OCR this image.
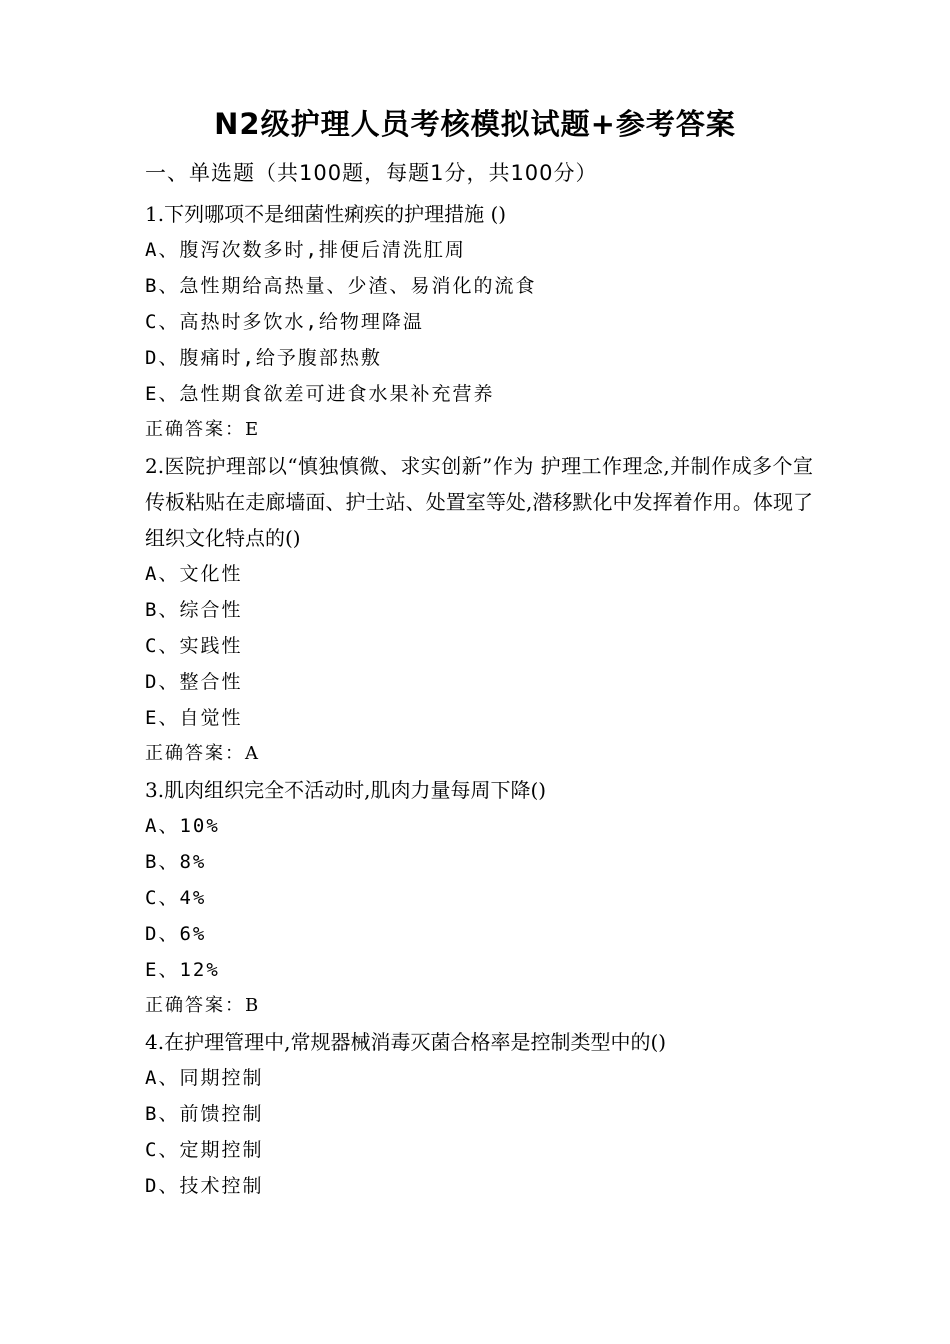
N2级护理人员考核模拟试题+参考答案
一、单选题（共100题，每题1分，共100分）
1.下列哪项不是细菌性痢疾的护理措施 ()
A、腹泻次数多时,排便后清洗肛周
B、急性期给高热量、少渣、易消化的流食
C、高热时多饮水,给物理降温
D、腹痛时,给予腹部热敷
E、急性期食欲差可进食水果补充营养
正确答案：E
2.医院护理部以“慎独慎微、求实创新”作为 护理工作理念,并制作成多个宣传板粘贴在走廊墙面、护士站、处置室等处,潜移默化中发挥着作用。体现了组织文化特点的()
A、文化性
B、综合性
C、实践性
D、整合性
E、自觉性
正确答案：A
3.肌肉组织完全不活动时,肌肉力量每周下降()
A、10%
B、8%
C、4%
D、6%
E、12%
正确答案：B
4.在护理管理中,常规器械消毒灭菌合格率是控制类型中的()
A、同期控制
B、前馈控制
C、定期控制
D、技术控制
